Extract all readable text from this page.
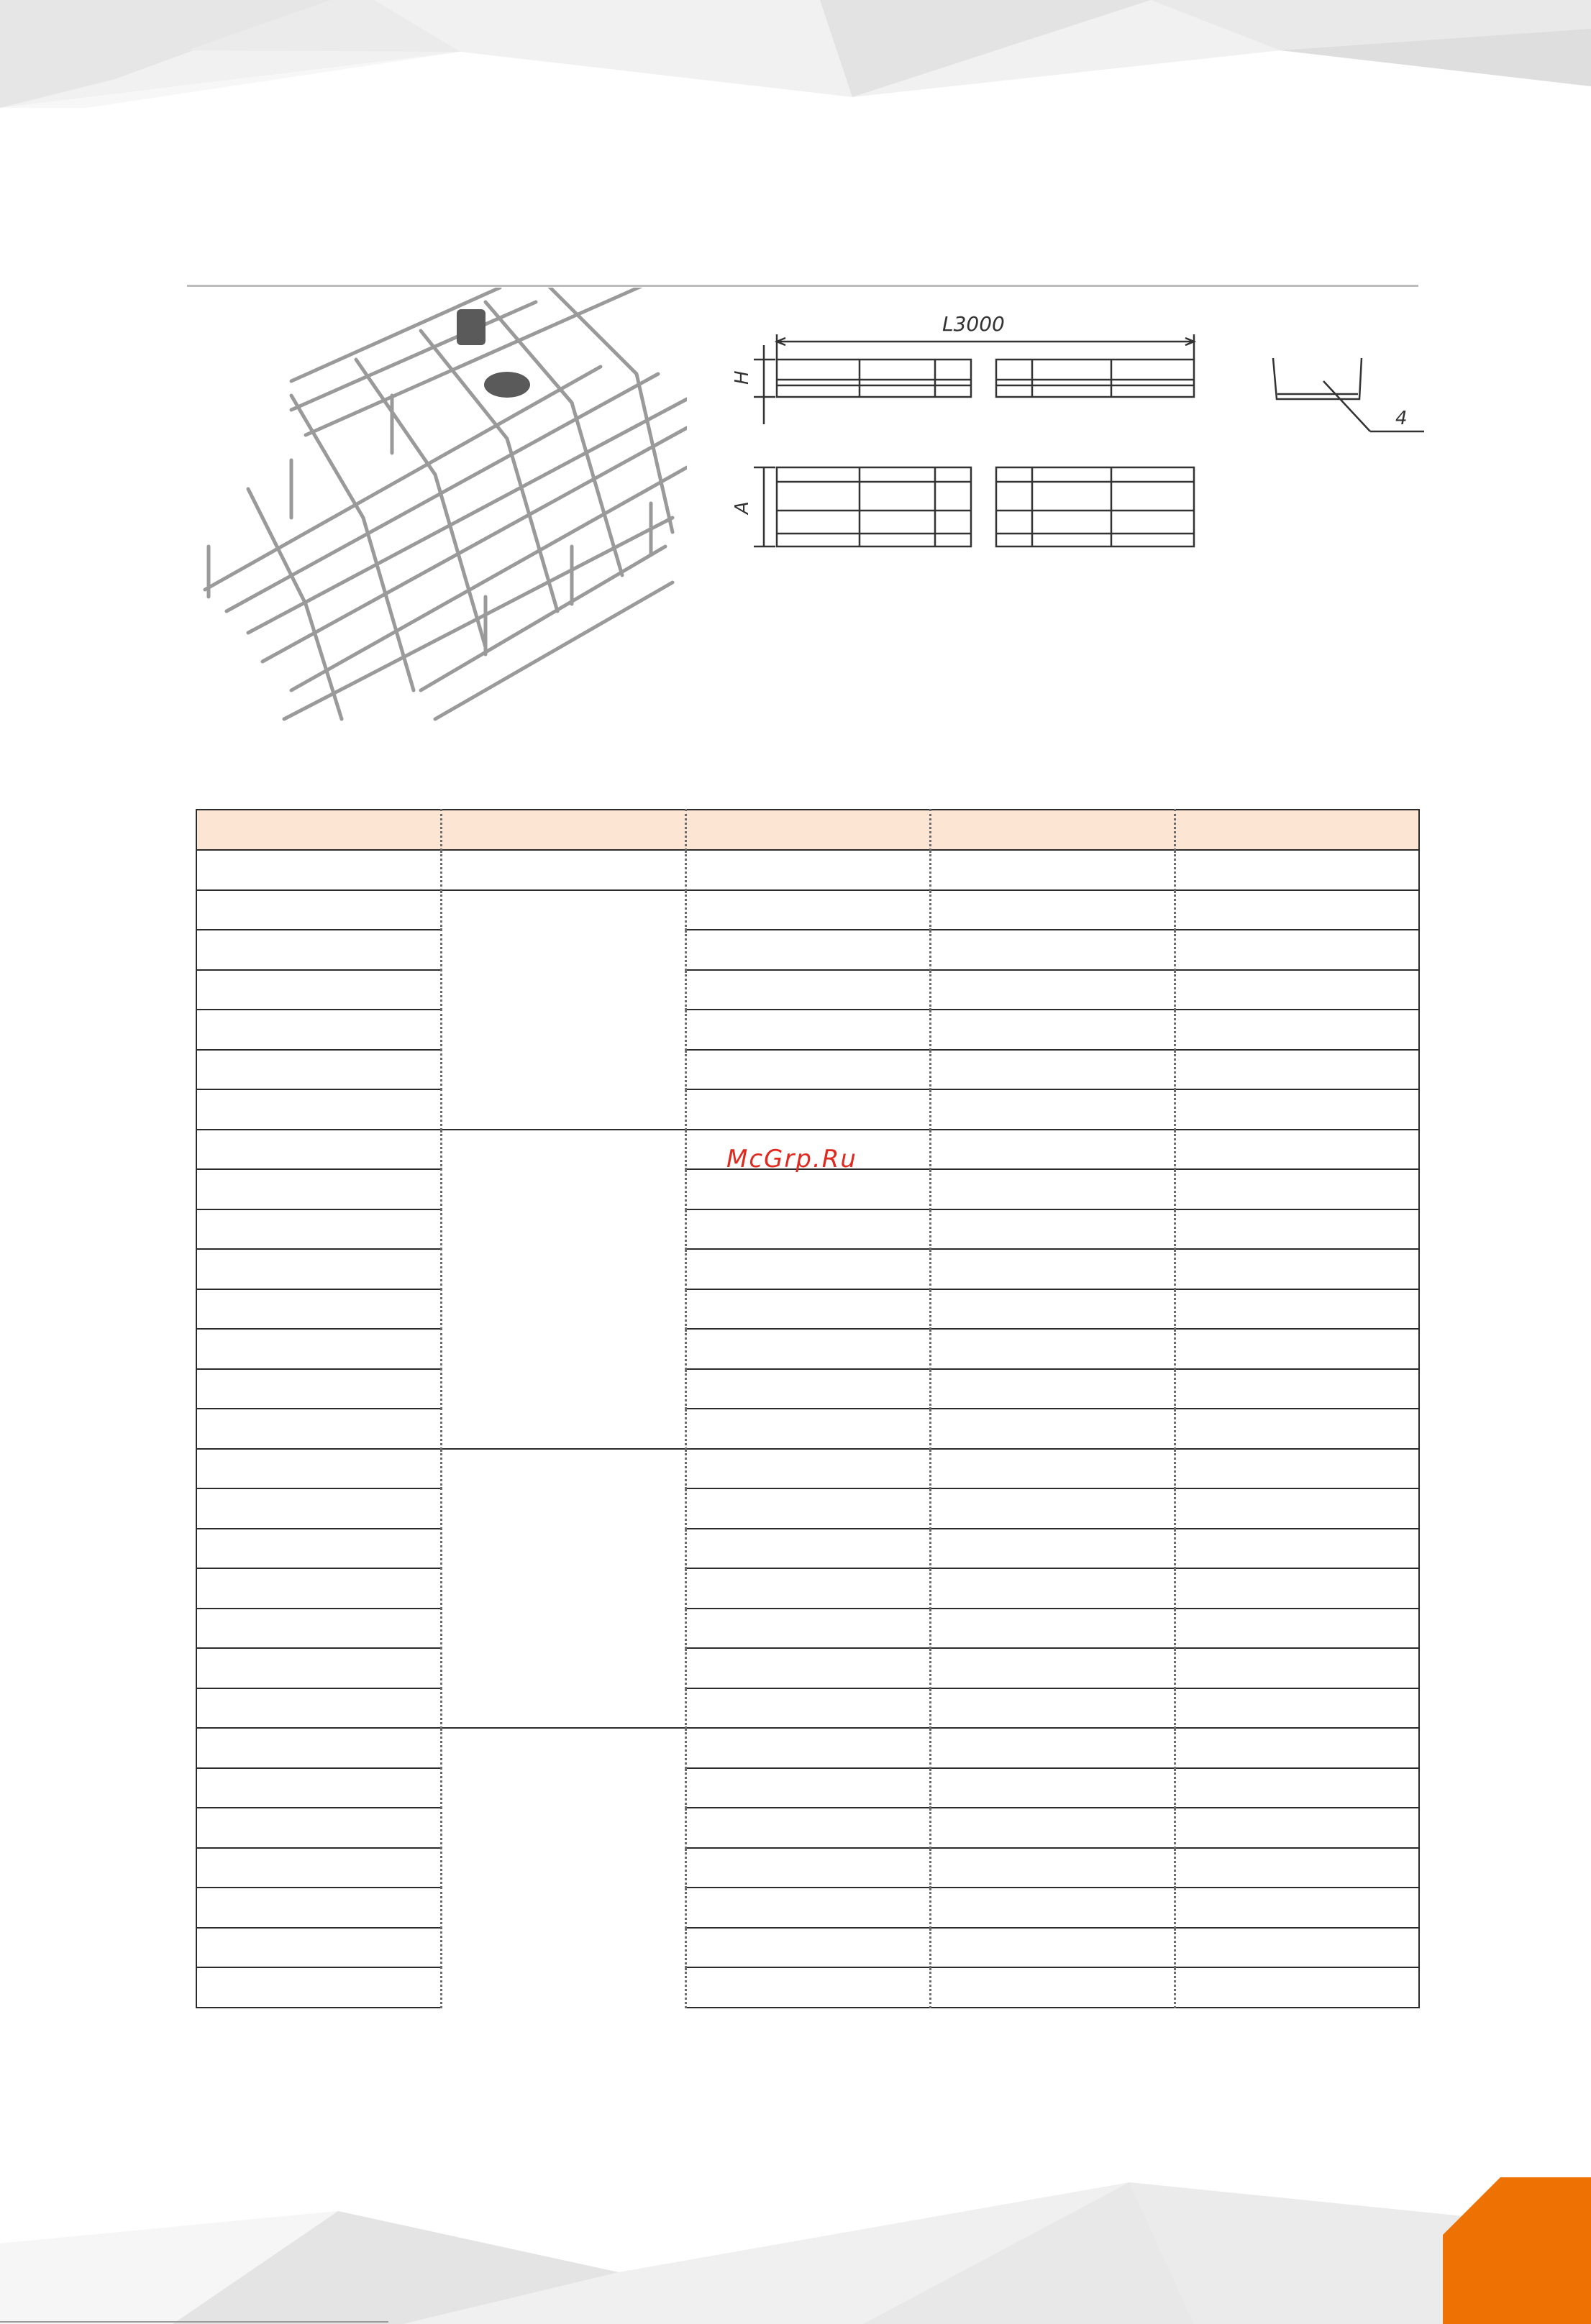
L3000
H
A
4

McGrp.Ru
